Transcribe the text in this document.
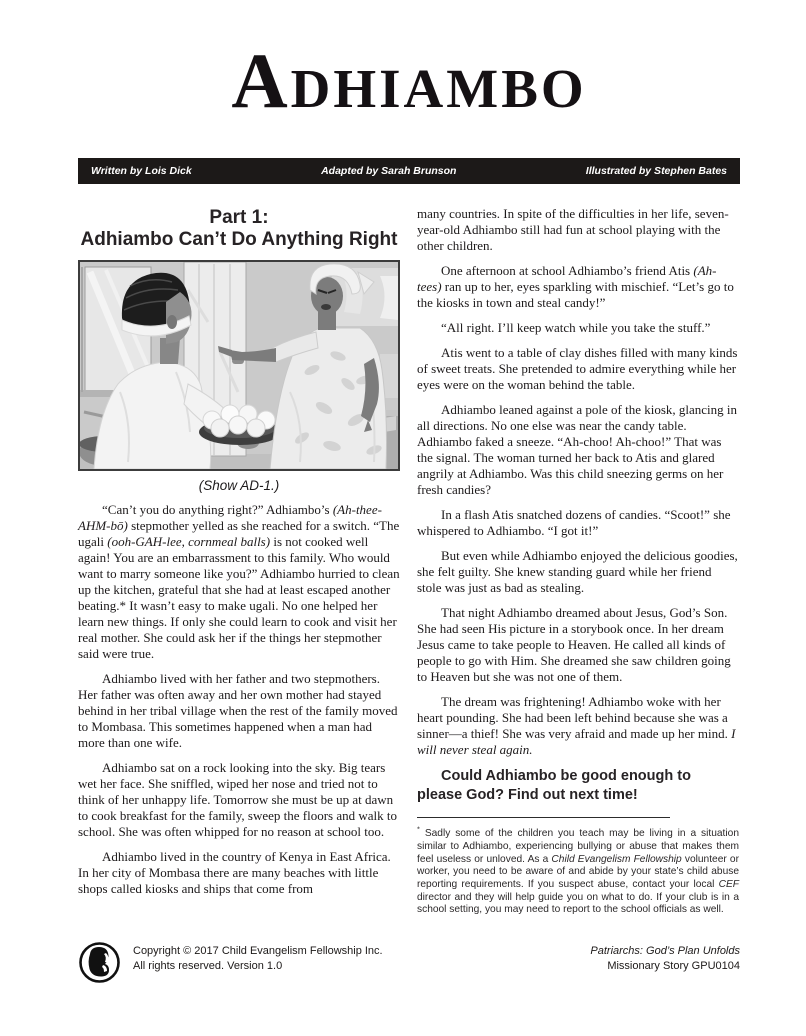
Adhiambo
Written by Lois Dick	Adapted by Sarah Brunson	Illustrated by Stephen Bates
Part 1:
Adhiambo Can’t Do Anything Right
(Show AD-1.)

“Can’t you do anything right?” Adhiambo’s (Ah-thee-AHM-bō) stepmother yelled as she reached for a switch. “The ugali (ooh-GAH-lee, cornmeal balls) is not cooked well again! You are an embarrassment to this family. Who would want to marry someone like you?” Adhiambo hurried to clean up the kitchen, grateful that she had at least escaped another beating.* It wasn’t easy to make ugali. No one helped her learn new things. If only she could learn to cook and visit her real mother. She could ask her if the things her stepmother said were true.

Adhiambo lived with her father and two stepmothers. Her father was often away and her own mother had stayed behind in her tribal village when the rest of the family moved to Mombasa. This sometimes happened when a man had more than one wife.

Adhiambo sat on a rock looking into the sky. Big tears wet her face. She sniffled, wiped her nose and tried not to think of her unhappy life. Tomorrow she must be up at dawn to cook breakfast for the family, sweep the floors and walk to school. She was often whipped for no reason at school too.

Adhiambo lived in the country of Kenya in East Africa. In her city of Mombasa there are many beaches with little shops called kiosks and ships that come from

many countries. In spite of the difficulties in her life, seven-year-old Adhiambo still had fun at school playing with the other children.

One afternoon at school Adhiambo’s friend Atis (Ah-tees) ran up to her, eyes sparkling with mischief. “Let’s go to the kiosks in town and steal candy!”

“All right. I’ll keep watch while you take the stuff.”

Atis went to a table of clay dishes filled with many kinds of sweet treats. She pretended to admire everything while her eyes were on the woman behind the table.

Adhiambo leaned against a pole of the kiosk, glancing in all directions. No one else was near the candy table. Adhiambo faked a sneeze. “Ah-choo! Ah-choo!” That was the signal. The woman turned her back to Atis and glared angrily at Adhiambo. Was this child sneezing germs on her fresh candies?

In a flash Atis snatched dozens of candies. “Scoot!” she whispered to Adhiambo. “I got it!”

But even while Adhiambo enjoyed the delicious goodies, she felt guilty. She knew standing guard while her friend stole was just as bad as stealing.

That night Adhiambo dreamed about Jesus, God’s Son. She had seen His picture in a storybook once. In her dream Jesus came to take people to Heaven. He called all kinds of people to go with Him. She dreamed she saw children going to Heaven but she was not one of them.

The dream was frightening! Adhiambo woke with her heart pounding. She had been left behind because she was a sinner—a thief! She was very afraid and made up her mind. I will never steal again.

Could Adhiambo be good enough to please God? Find out next time!

* Sadly some of the children you teach may be living in a situation similar to Adhiambo, experiencing bullying or abuse that makes them feel useless or unloved. As a Child Evangelism Fellowship volunteer or worker, you need to be aware of and abide by your state’s child abuse reporting requirements. If you suspect abuse, contact your local CEF director and they will help guide you on what to do. If your club is in a school setting, you may need to report to the school officials as well.

Copyright © 2017 Child Evangelism Fellowship Inc.
All rights reserved. Version 1.0
Patriarchs: God’s Plan Unfolds
Missionary Story GPU0104
